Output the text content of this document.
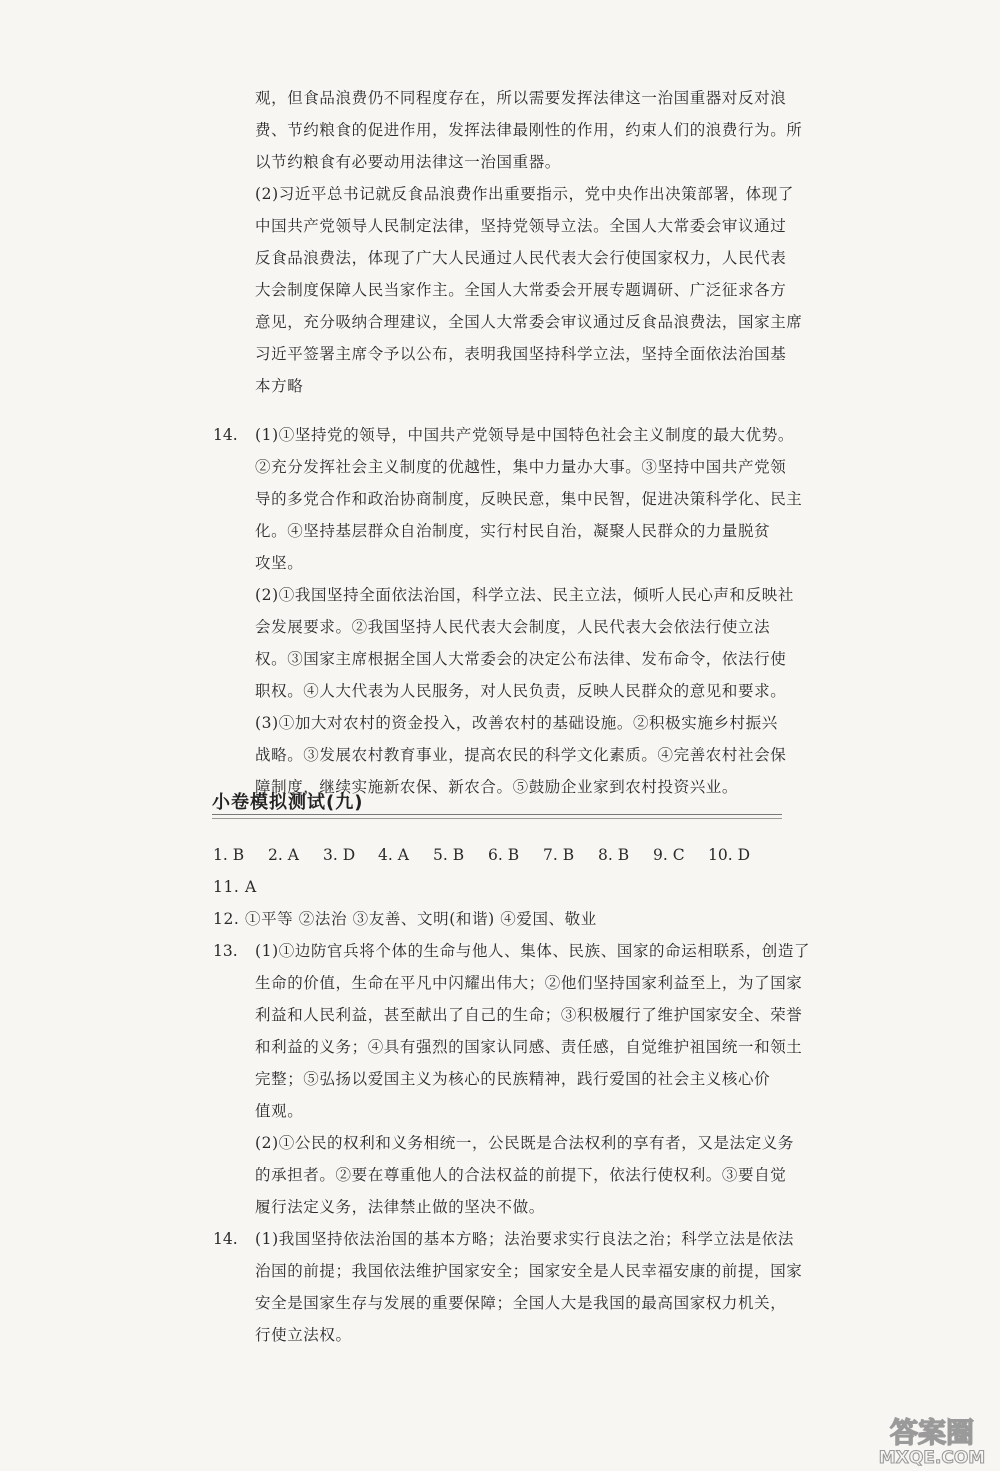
观，但食品浪费仍不同程度存在，所以需要发挥法律这一治国重器对反对浪
费、节约粮食的促进作用，发挥法律最刚性的作用，约束人们的浪费行为。所
以节约粮食有必要动用法律这一治国重器。
(2)习近平总书记就反食品浪费作出重要指示，党中央作出决策部署，体现了
中国共产党领导人民制定法律，坚持党领导立法。全国人大常委会审议通过
反食品浪费法，体现了广大人民通过人民代表大会行使国家权力，人民代表
大会制度保障人民当家作主。全国人大常委会开展专题调研、广泛征求各方
意见，充分吸纳合理建议，全国人大常委会审议通过反食品浪费法，国家主席
习近平签署主席令予以公布，表明我国坚持科学立法，坚持全面依法治国基
本方略
14. (1)①坚持党的领导，中国共产党领导是中国特色社会主义制度的最大优势。
②充分发挥社会主义制度的优越性，集中力量办大事。③坚持中国共产党领
导的多党合作和政治协商制度，反映民意，集中民智，促进决策科学化、民主
化。④坚持基层群众自治制度，实行村民自治，凝聚人民群众的力量脱贫
攻坚。
(2)①我国坚持全面依法治国，科学立法、民主立法，倾听人民心声和反映社
会发展要求。②我国坚持人民代表大会制度，人民代表大会依法行使立法
权。③国家主席根据全国人大常委会的决定公布法律、发布命令，依法行使
职权。④人大代表为人民服务，对人民负责，反映人民群众的意见和要求。
(3)①加大对农村的资金投入，改善农村的基础设施。②积极实施乡村振兴
战略。③发展农村教育事业，提高农民的科学文化素质。④完善农村社会保
障制度，继续实施新农保、新农合。⑤鼓励企业家到农村投资兴业。
小卷模拟测试(九)
1. B 2. A 3. D 4. A 5. B 6. B 7. B 8. B 9. C 10. D
11. A
12. ①平等 ②法治 ③友善、文明(和谐) ④爱国、敬业
13. (1)①边防官兵将个体的生命与他人、集体、民族、国家的命运相联系，创造了
生命的价值，生命在平凡中闪耀出伟大；②他们坚持国家利益至上，为了国家
利益和人民利益，甚至献出了自己的生命；③积极履行了维护国家安全、荣誉
和利益的义务；④具有强烈的国家认同感、责任感，自觉维护祖国统一和领土
完整；⑤弘扬以爱国主义为核心的民族精神，践行爱国的社会主义核心价
值观。
(2)①公民的权利和义务相统一，公民既是合法权利的享有者，又是法定义务
的承担者。②要在尊重他人的合法权益的前提下，依法行使权利。③要自觉
履行法定义务，法律禁止做的坚决不做。
14. (1)我国坚持依法治国的基本方略；法治要求实行良法之治；科学立法是依法
治国的前提；我国依法维护国家安全；国家安全是人民幸福安康的前提，国家
安全是国家生存与发展的重要保障；全国人大是我国的最高国家权力机关，
行使立法权。
答案圈
MXQE.COM
